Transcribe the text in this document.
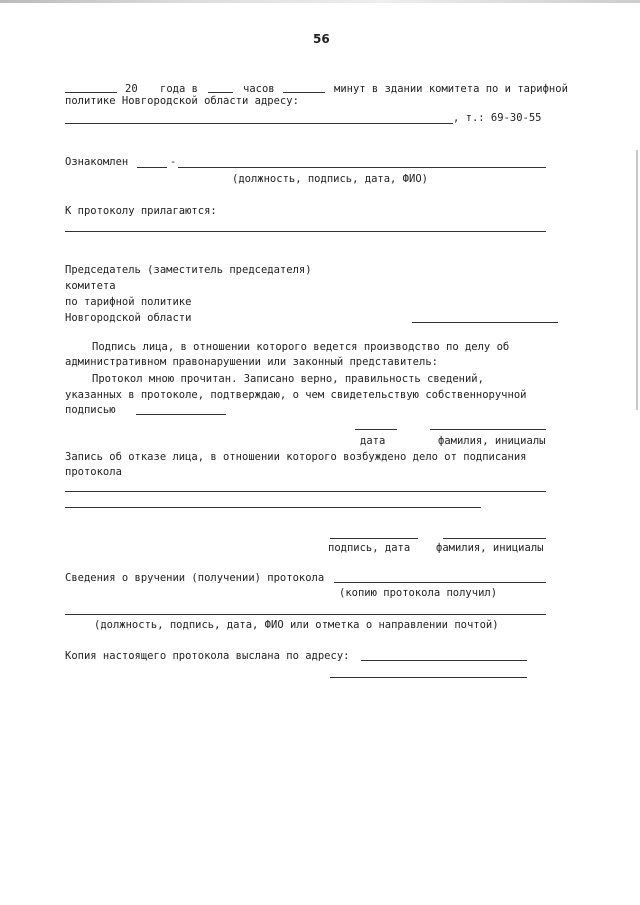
56
20 года в	часов	минут в здании комитета по и тарифной
политике Новгородской области адресу:
, т.: 69-30-55
Ознакомлен	-
(должность, подпись, дата, ФИО)
К протоколу прилагаются:
Председатель (заместитель председателя)
комитета
по тарифной политике
Новгородской области
Подпись лица, в отношении которого ведется производство по делу об
административном правонарушении или законный представитель:
Протокол мною прочитан. Записано верно, правильность сведений,
указанных в протоколе, подтверждаю, о чем свидетельствую собственноручной
подписью
дата	фамилия, инициалы
Запись об отказе лица, в отношении которого возбуждено дело от подписания
протокола
подпись, дата фамилия, инициалы
Сведения о вручении (получении) протокола
(копию протокола получил)
(должность, подпись, дата, ФИО или отметка о направлении почтой)
Копия настоящего протокола выслана по адресу:
